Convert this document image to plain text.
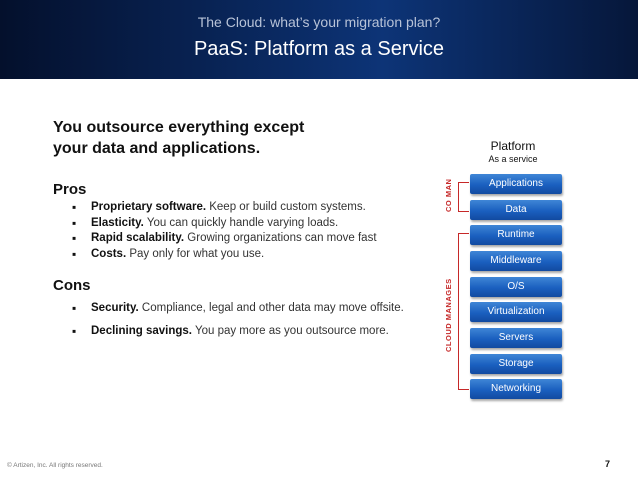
The Cloud: what’s your migration plan?
PaaS: Platform as a Service
You outsource everything except
your data and applications.
Pros
▪ Proprietary software. Keep or build custom systems.
▪ Elasticity. You can quickly handle varying loads.
▪ Rapid scalability. Growing organizations can move fast
▪ Costs. Pay only for what you use.
Cons
▪ Security. Compliance, legal and other data may move offsite.
▪ Declining savings. You pay more as you outsource more.
Platform
As a service
Applications
Data
Runtime
Middleware
O/S
Virtualization
Servers
Storage
Networking
CO MAN
CLOUD MANAGES
© Artizen, Inc. All rights reserved.	7
